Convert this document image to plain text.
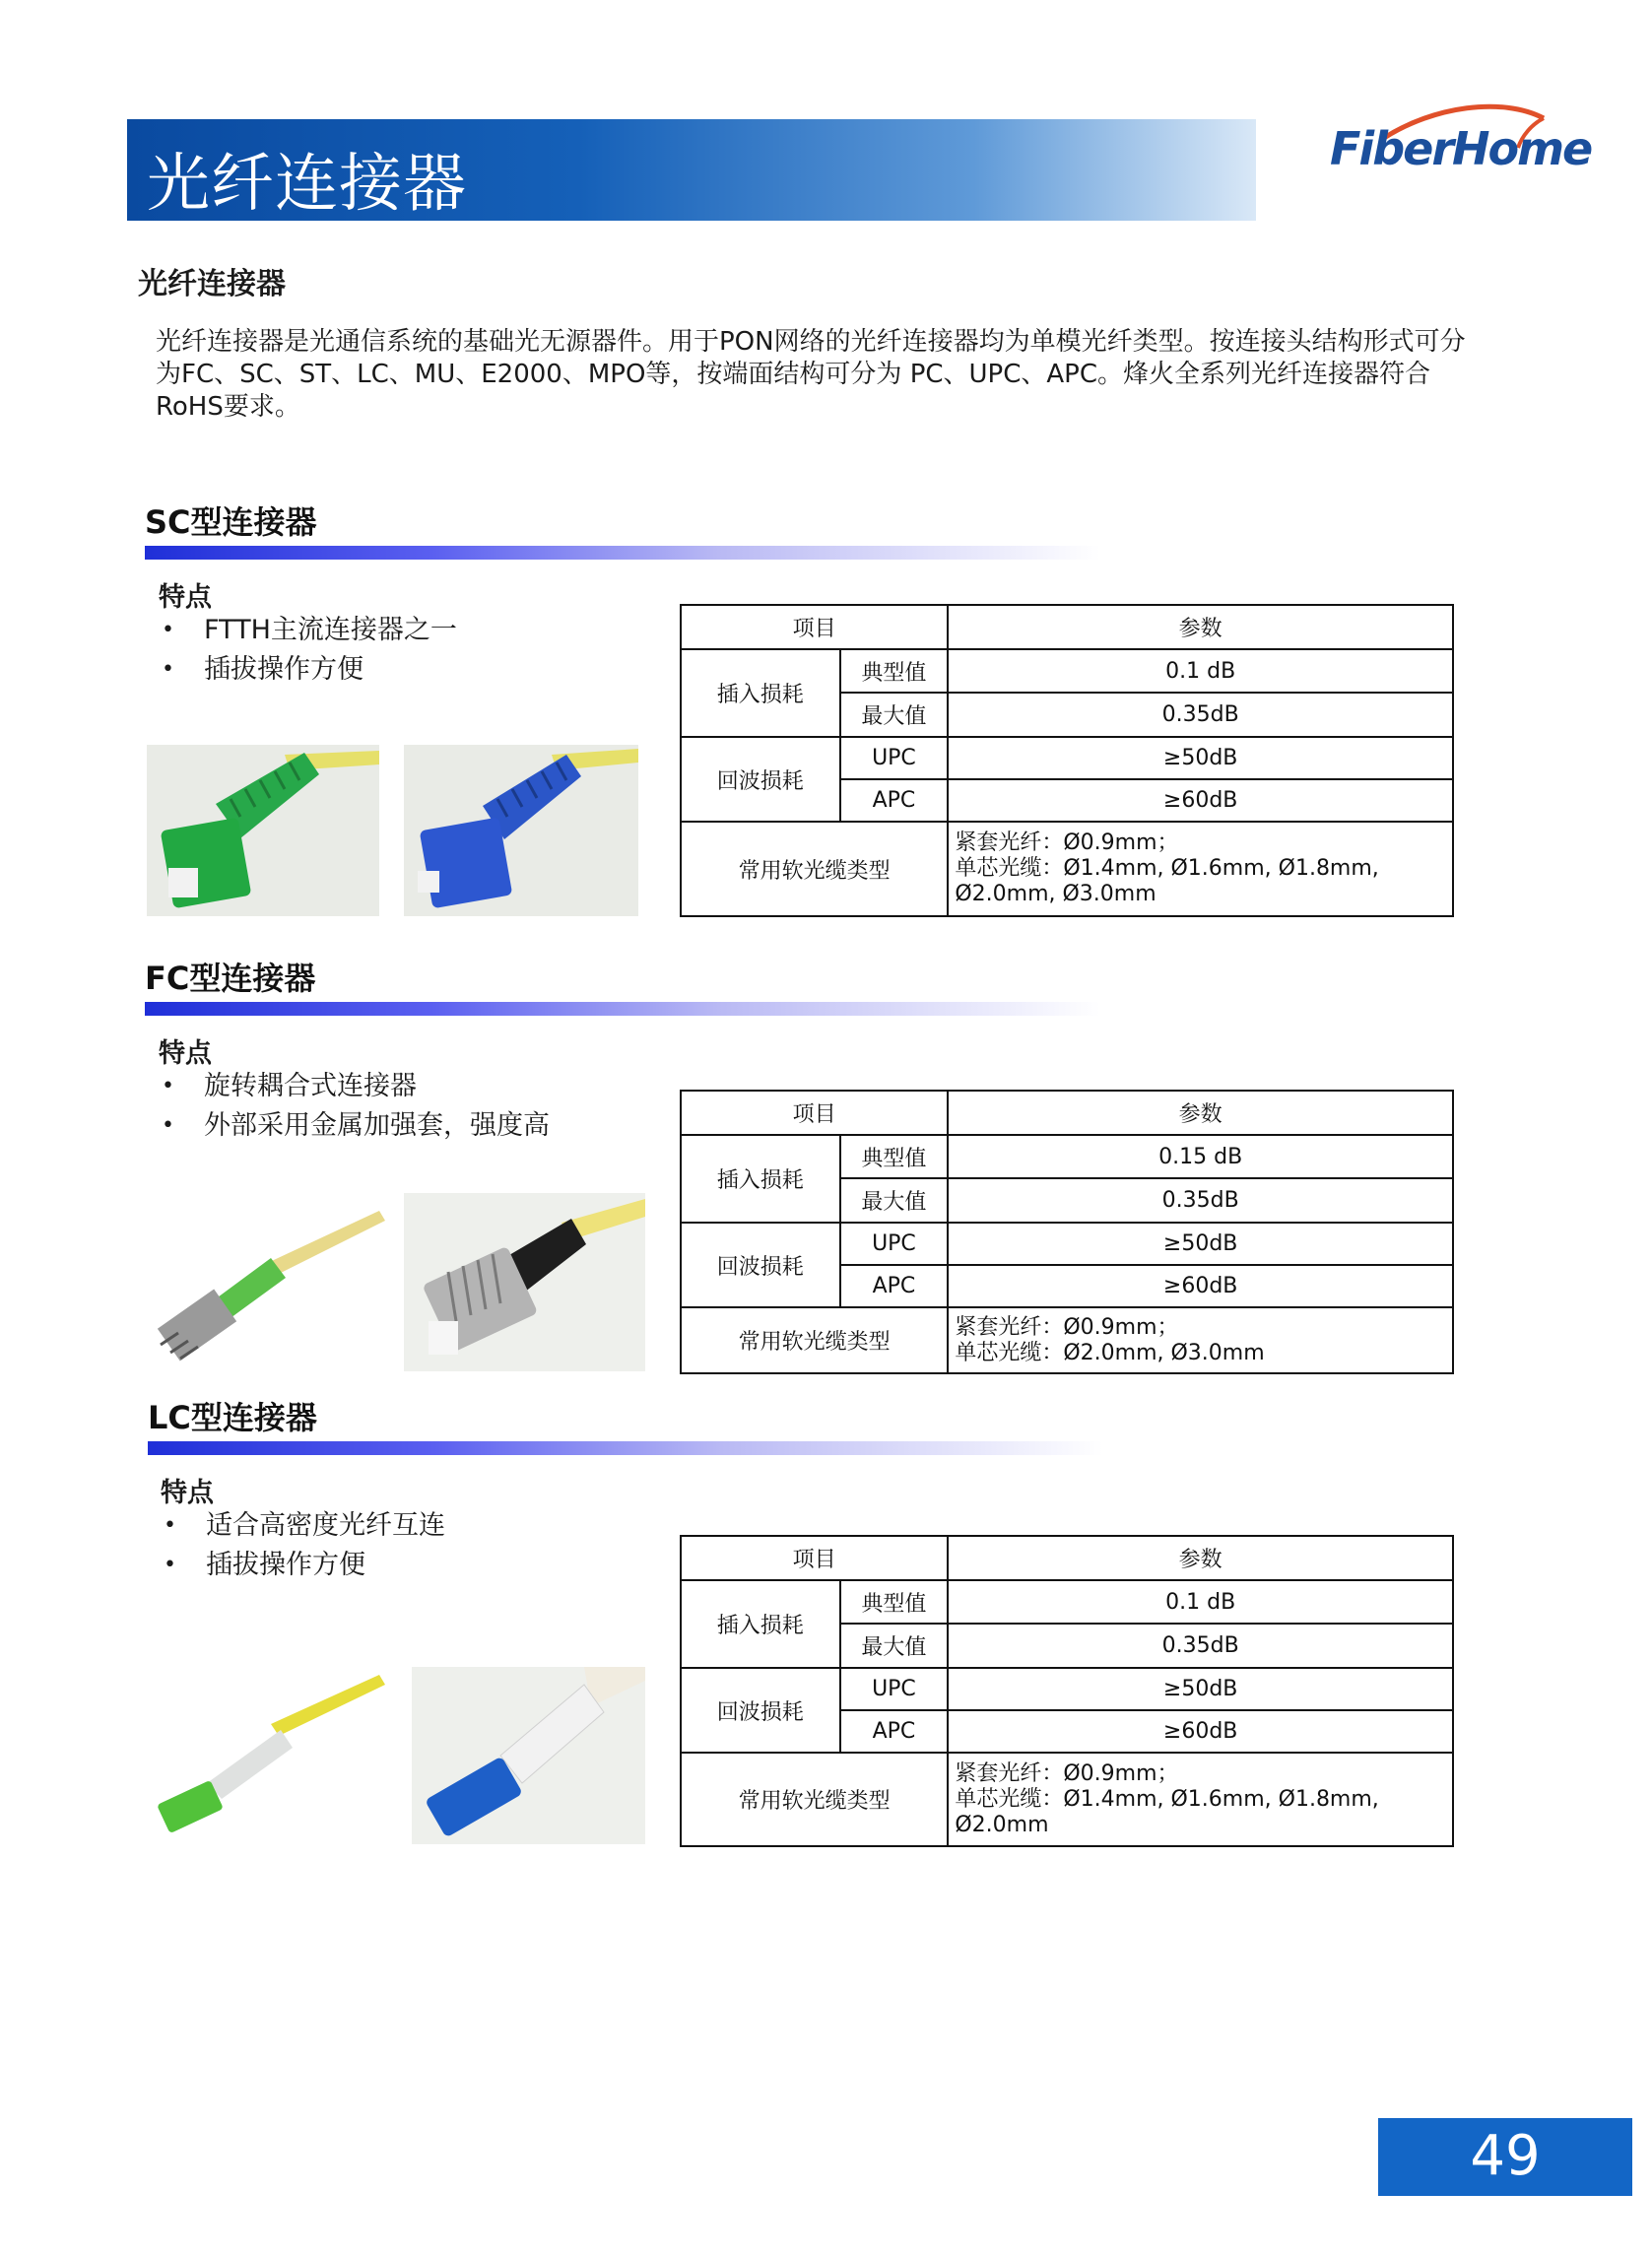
光纤连接器	FiberHome
光纤连接器
光纤连接器是光通信系统的基础光无源器件。用于PON网络的光纤连接器均为单模光纤类型。按连接头结构形式可分为FC、SC、ST、LC、MU、E2000、MPO等，按端面结构可分为 PC、UPC、APC。烽火全系列光纤连接器符合RoHS要求。
SC型连接器
特点
• FTTH主流连接器之一
• 插拔操作方便
项目		参数
插入损耗	典型值	0.1 dB
	最大值	0.35dB
回波损耗	UPC	≥50dB
	APC	≥60dB
常用软光缆类型		紧套光纤：Ø0.9mm；
单芯光缆：Ø1.4mm, Ø1.6mm, Ø1.8mm,
Ø2.0mm, Ø3.0mm
FC型连接器
特点
• 旋转耦合式连接器
• 外部采用金属加强套，强度高	项目		参数
插入损耗	典型值	0.15 dB
	最大值	0.35dB
回波损耗	UPC	≥50dB
	APC	≥60dB
常用软光缆类型		紧套光纤：Ø0.9mm；
单芯光缆：Ø2.0mm, Ø3.0mm
LC型连接器
特点
• 适合高密度光纤互连
• 插拔操作方便	项目		参数
插入损耗	典型值	0.1 dB
	最大值	0.35dB
回波损耗	UPC	≥50dB
	APC	≥60dB
常用软光缆类型		紧套光纤：Ø0.9mm；
单芯光缆：Ø1.4mm, Ø1.6mm, Ø1.8mm,
Ø2.0mm
49
